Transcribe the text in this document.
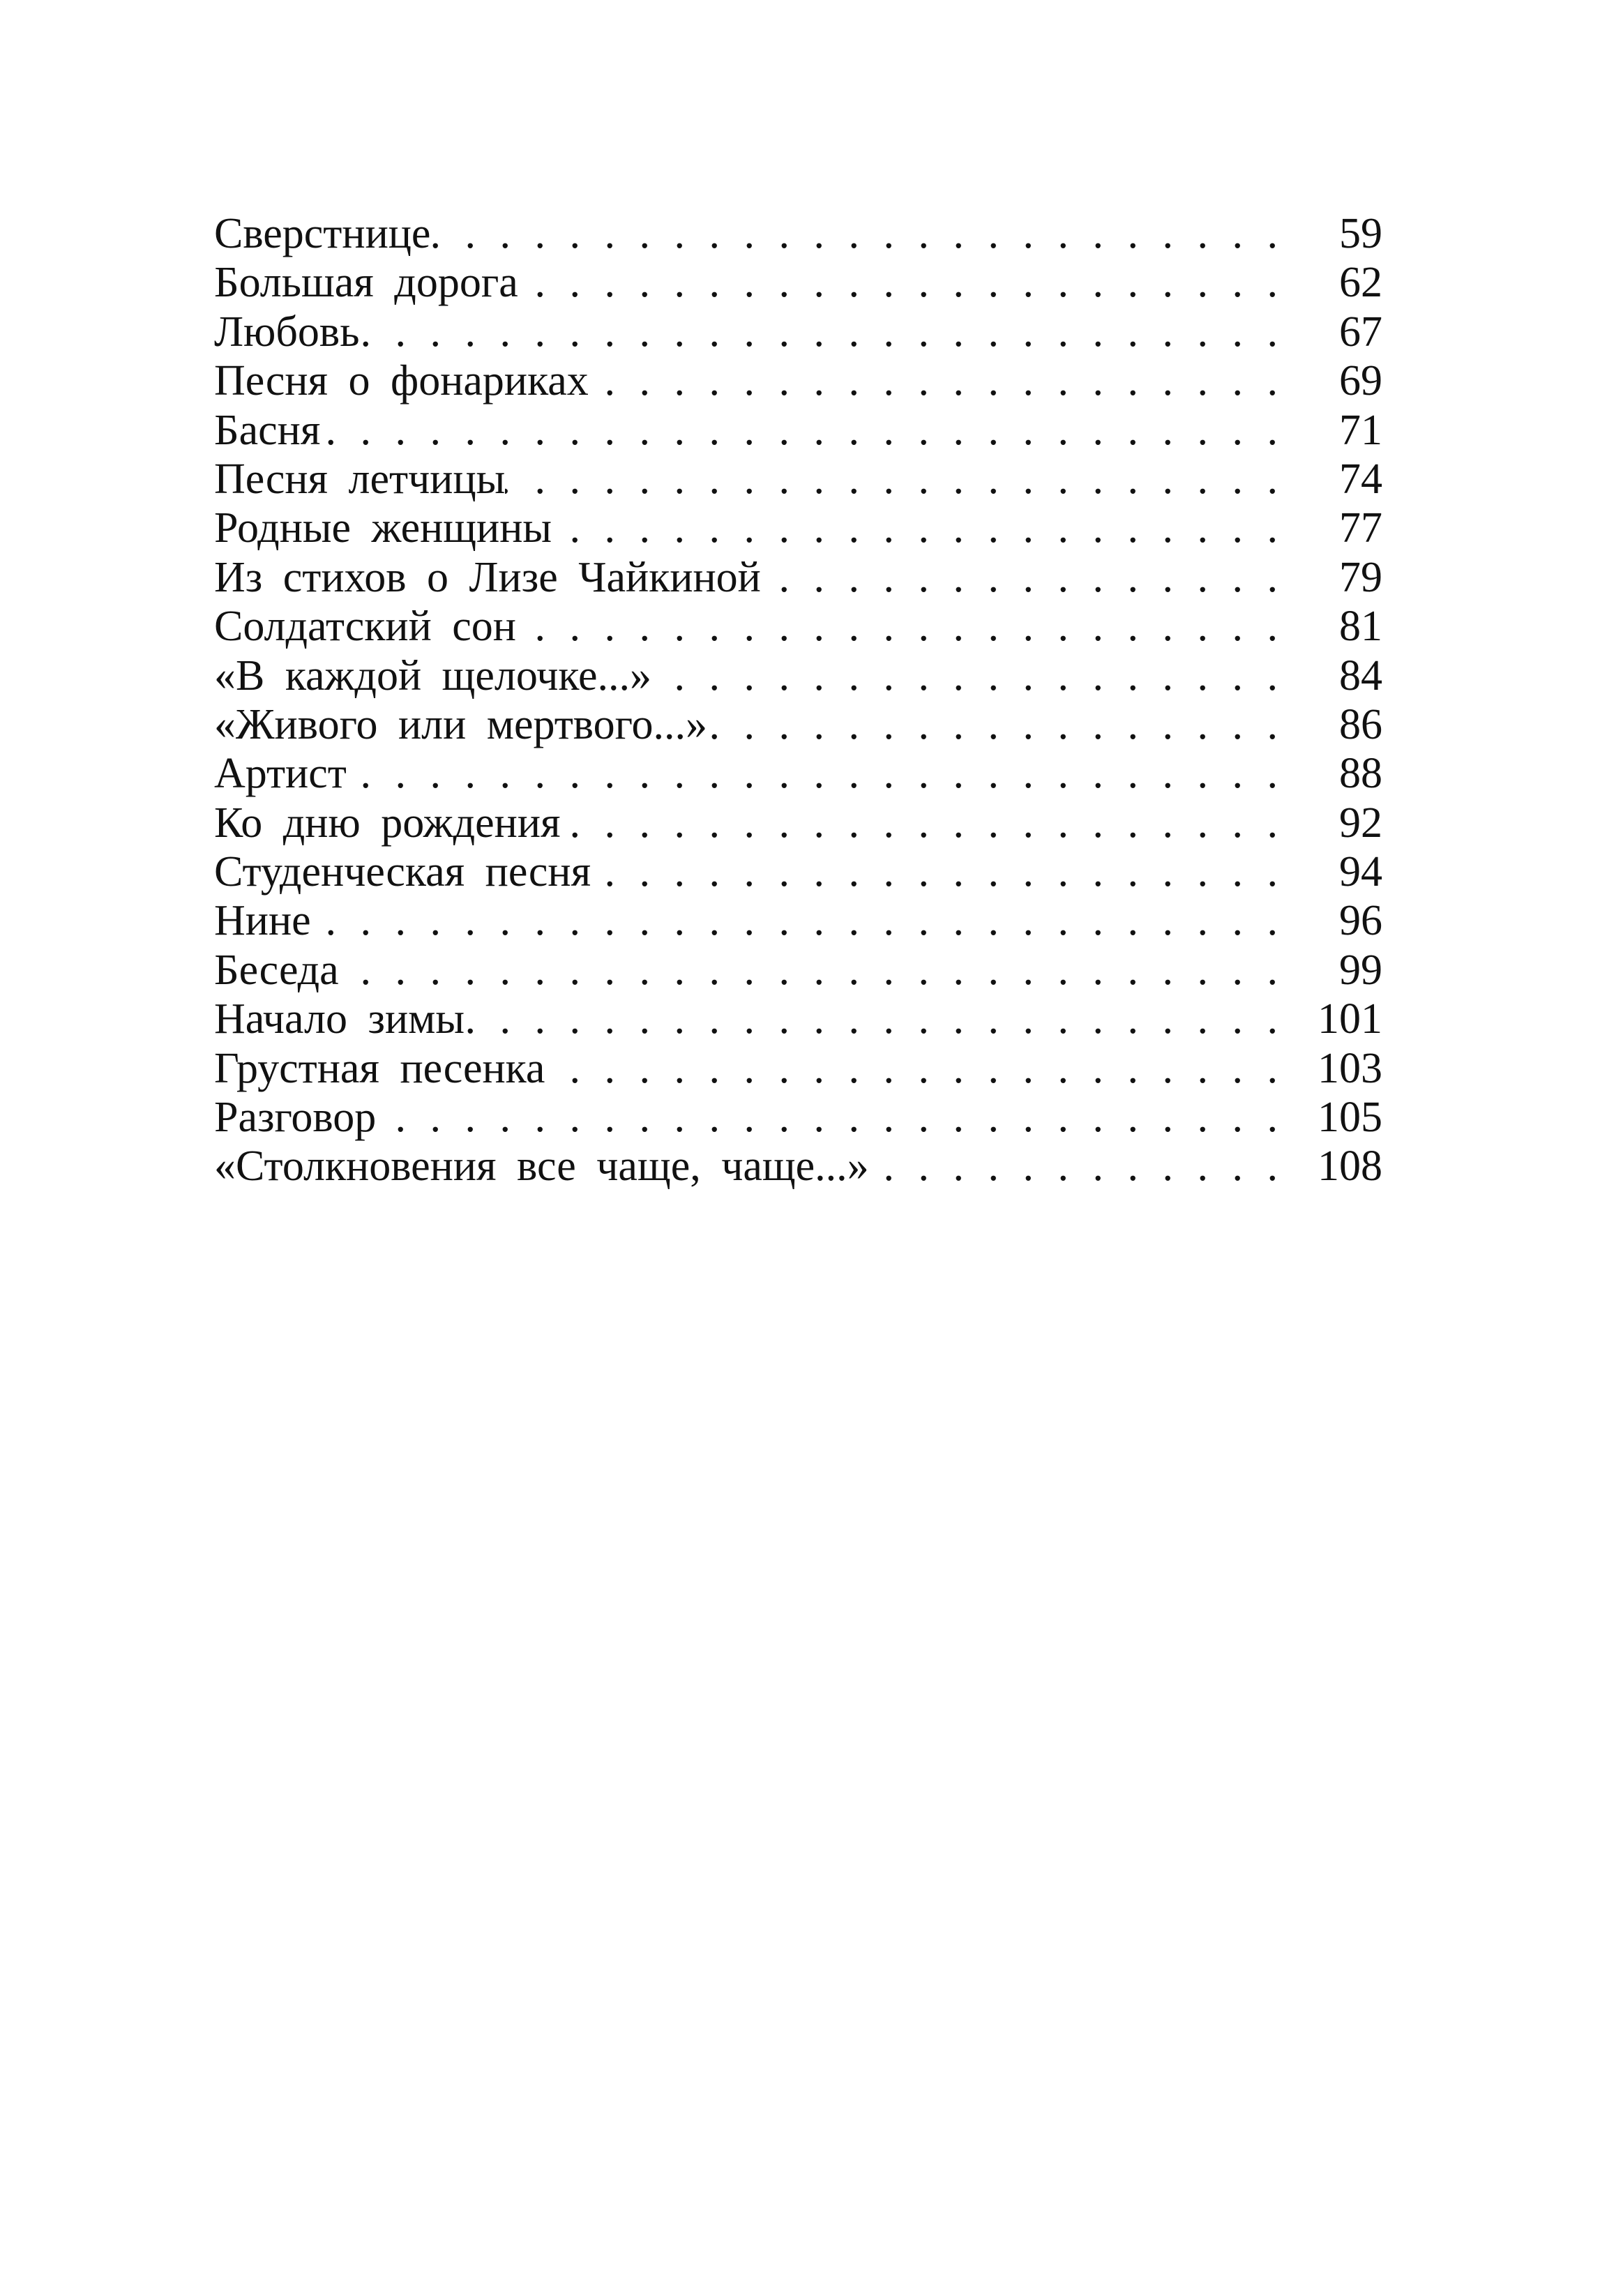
Сверстнице . . .	59
Большая дорога . . .	62
Любовь . . .	67
Песня о фонариках . . .	69
Басня . . .	71
Песня летчицы . . .	74
Родные женщины . . .	77
Из стихов о Лизе Чайкиной . . .	79
Солдатский сон . . .	81
«В каждой щелочке...» . . .	84
«Живого или мертвого...» . . .	86
Артист . . .	88
Ко дню рождения . . .	92
Студенческая песня . . .	94
Нине . . .	96
Беседа . . .	99
Начало зимы . . .	101
Грустная песенка . . .	103
Разговор . . .	105
«Столкновения все чаще, чаще...» . . .	108
